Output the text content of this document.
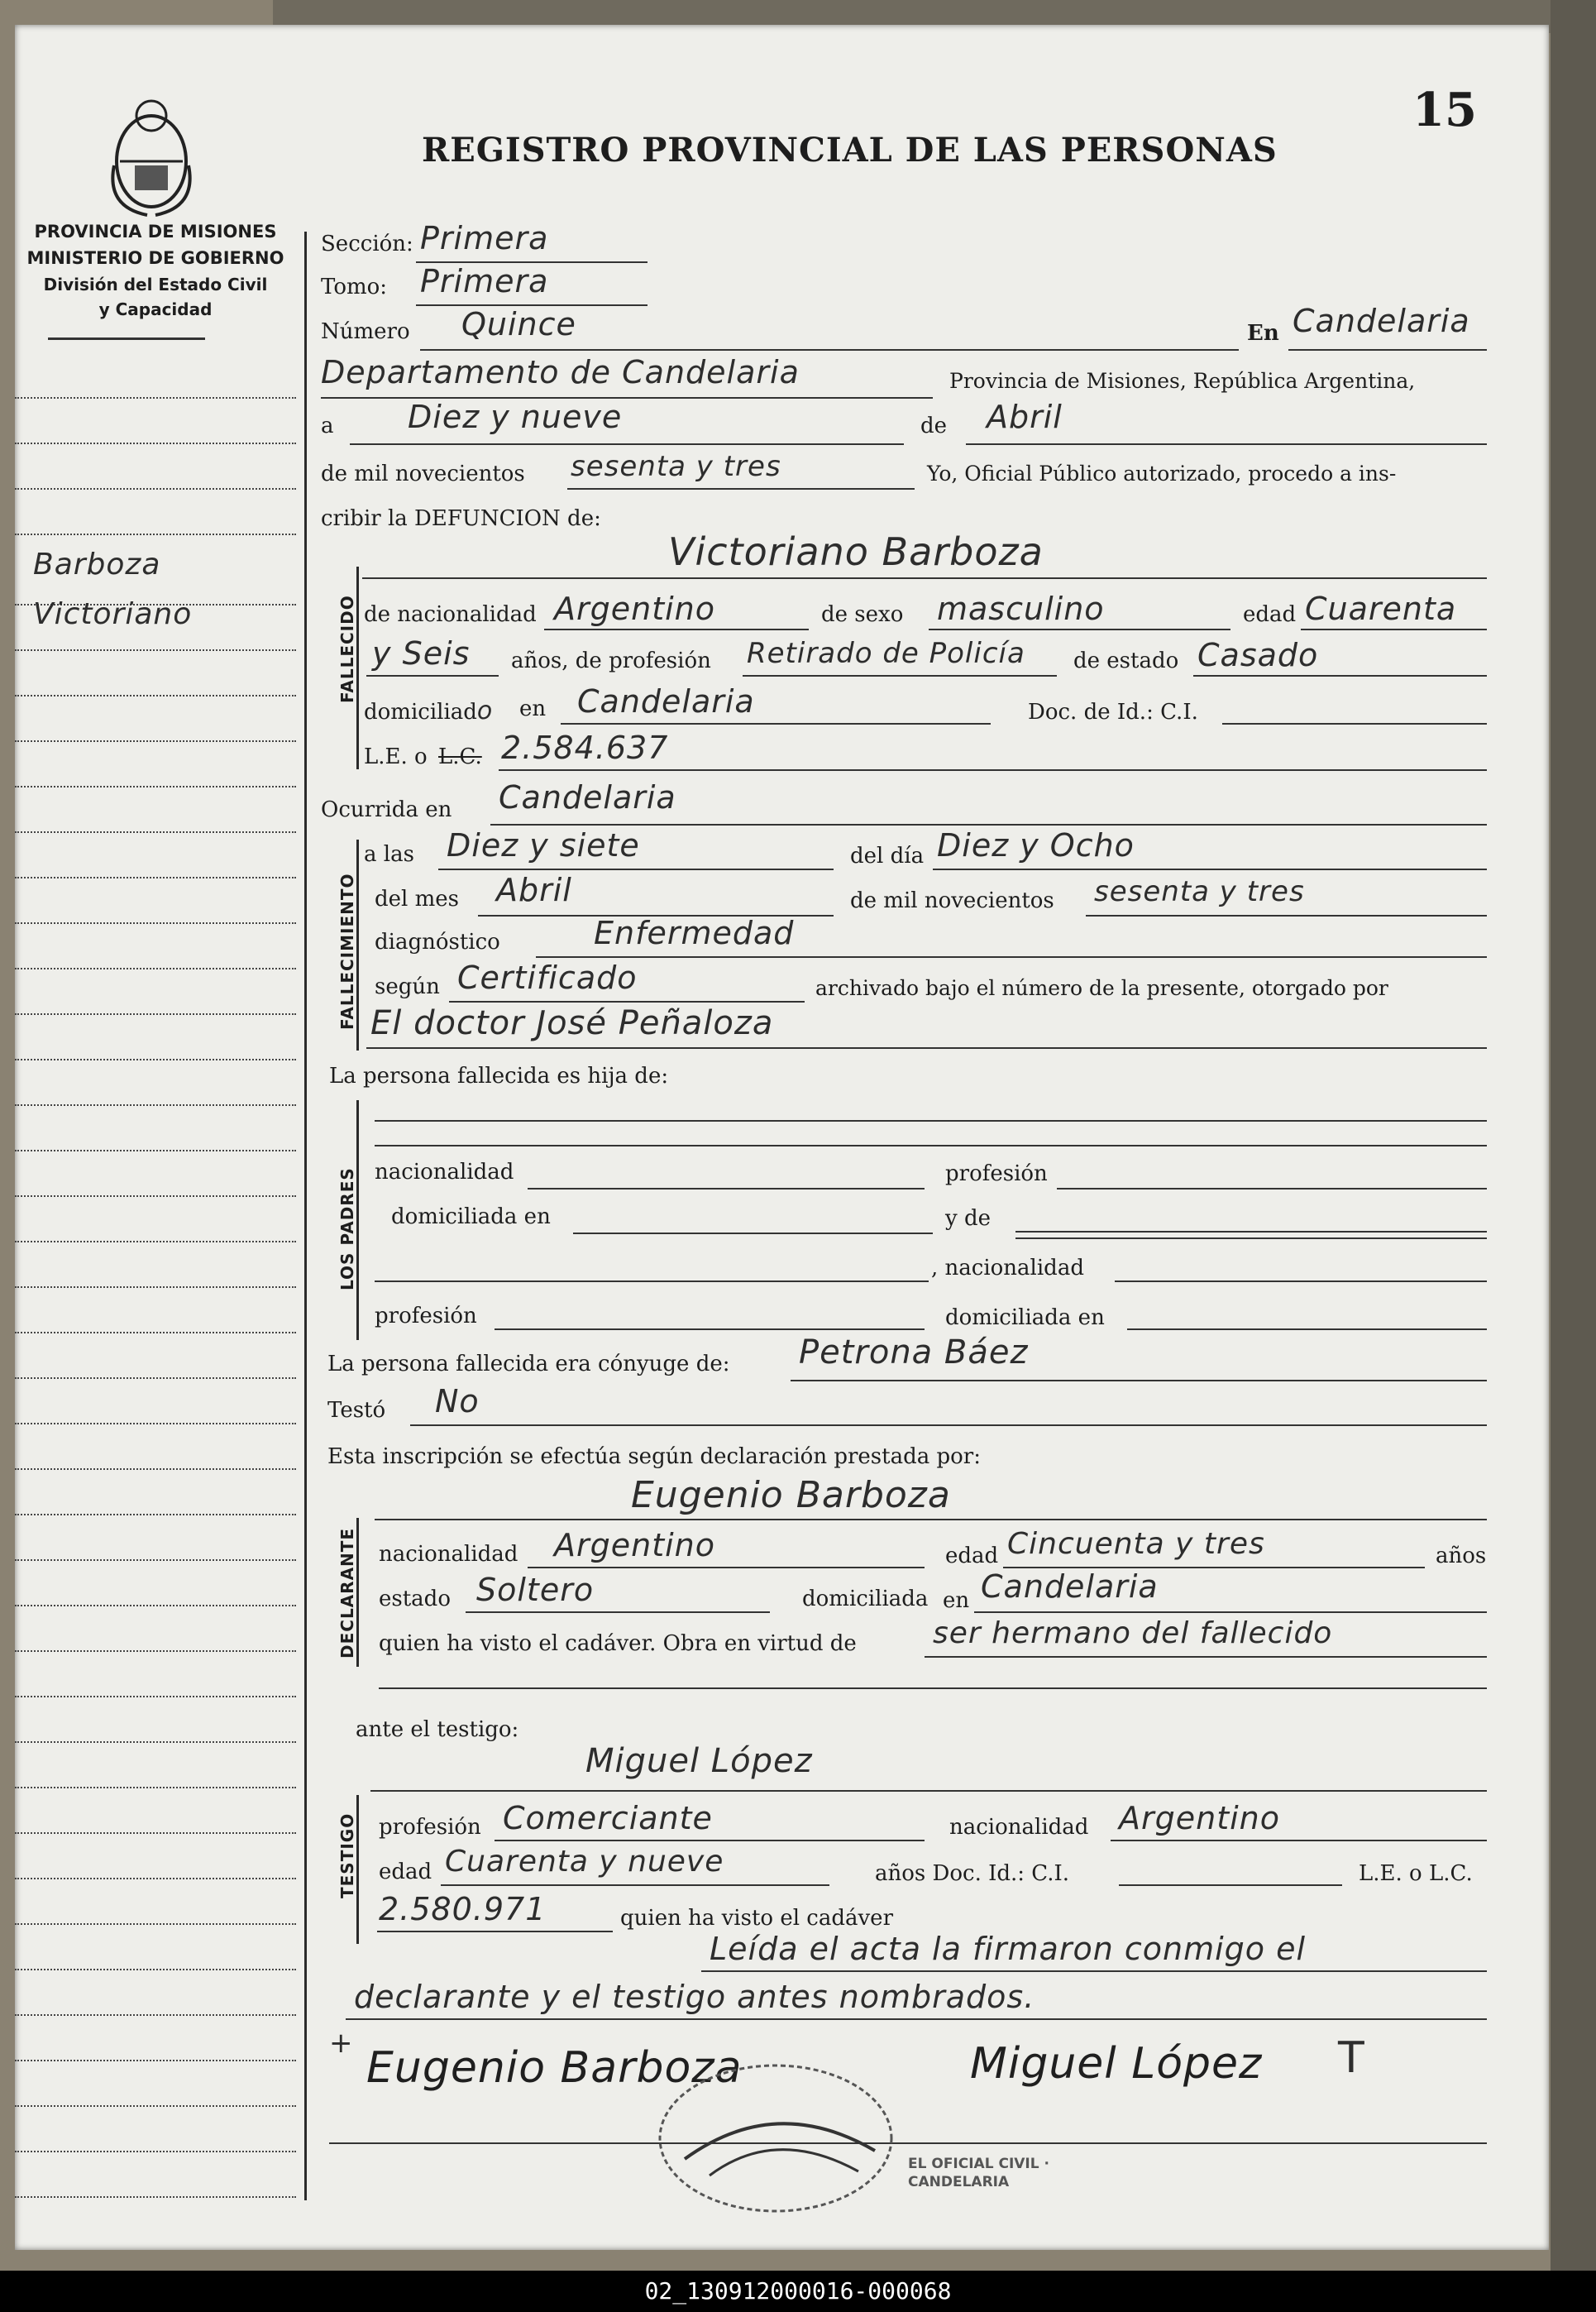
15
REGISTRO PROVINCIAL DE LAS PERSONAS
PROVINCIA DE MISIONES
MINISTERIO DE GOBIERNO
División del Estado Civil
y Capacidad
Barboza
Victoriano
Sección: Primera
Tomo: Primera
Número Quince	En Candelaria
Departamento de Candelaria	Provincia de Misiones, República Argentina,
a Diez y nueve	de Abril
de mil novecientos sesenta y tres	Yo, Oficial Público autorizado, procedo a ins-
cribir la DEFUNCION de:
FALLECIDO
Victoriano Barboza
de nacionalidad Argentino	de sexo masculino	edad Cuarenta
y Seis años, de profesión Retirado de Policía de estado Casado
domiciliado en Candelaria	Doc. de Id.: C.I.
L.E. o L.C. 2.584.637
Ocurrida en Candelaria
FALLECIMIENTO
a las Diez y siete	del día Diez y Ocho
del mes Abril	de mil novecientos sesenta y tres
diagnóstico	Enfermedad
según Certificado	archivado bajo el número de la presente, otorgado por
El doctor José Peñaloza
La persona fallecida es hija de:
LOS PADRES nacionalidad	profesión
domiciliada en	y de
, nacionalidad
profesión	domiciliada en
La persona fallecida era cónyuge de: Petrona Báez
Testó No
Esta inscripción se efectúa según declaración prestada por:
DECLARANTE
Eugenio Barboza
nacionalidad Argentino	edad Cincuenta y tres	años
estado Soltero	domiciliada en Candelaria
quien ha visto el cadáver. Obra en virtud de	ser hermano del fallecido
ante el testigo:
TESTIGO
Miguel López
profesión Comerciante	nacionalidad Argentino
edad Cuarenta y nueve	años Doc. Id.: C.I.	L.E. o L.C.
2.580.971	quien ha visto el cadáver
Leída el acta la firmaron conmigo el
declarante y el testigo antes nombrados.
+ Eugenio Barboza	Miguel López T
EL OFICIAL CIVIL · CANDELARIA
02_130912000016-000068
